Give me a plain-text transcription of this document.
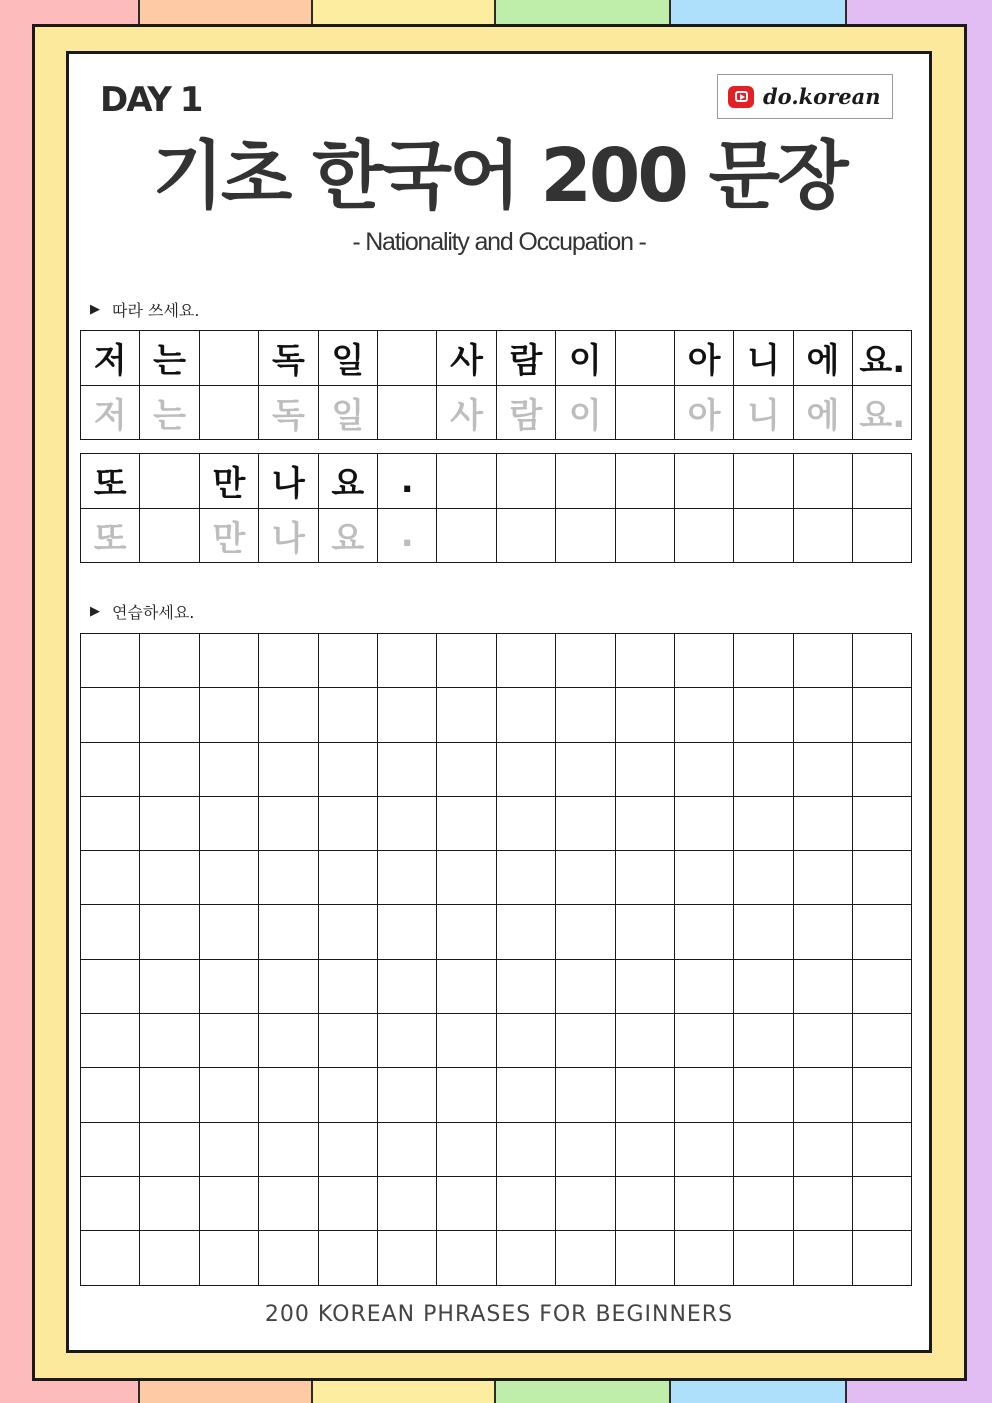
DAY 1	do.korean
기초 한국어 200 문장
- Nationality and Occupation -
▶ 따라 쓰세요.
저	는		독	일		사	람	이		아	니	에	요.
저	는		독	일		사	람	이		아	니	에	요.
또		만	나	요	.								
또		만	나	요	.								
▶ 연습하세요.

200 KOREAN PHRASES FOR BEGINNERS
